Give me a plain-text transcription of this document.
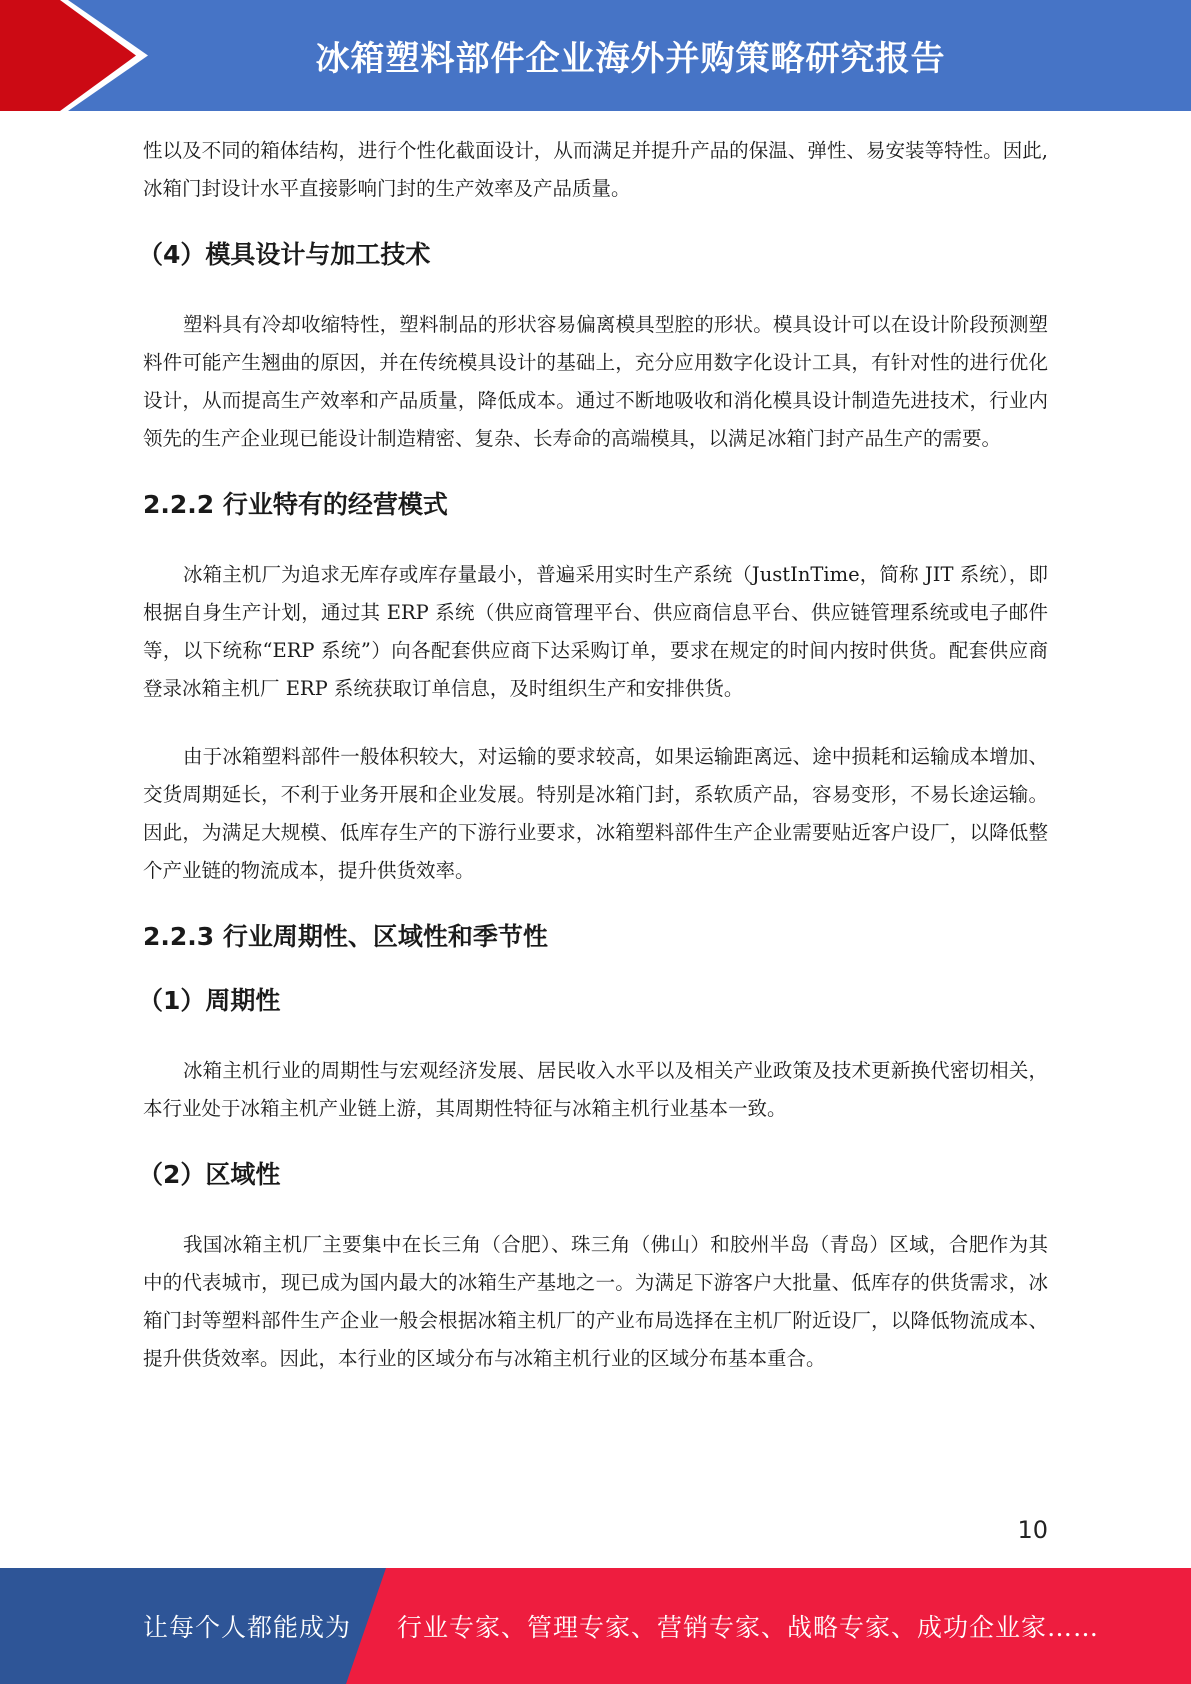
冰箱塑料部件企业海外并购策略研究报告

性以及不同的箱体结构，进行个性化截面设计，从而满足并提升产品的保温、弹性、易安装等特性。因此,冰箱门封设计水平直接影响门封的生产效率及产品质量。

（4）模具设计与加工技术

塑料具有冷却收缩特性，塑料制品的形状容易偏离模具型腔的形状。模具设计可以在设计阶段预测塑料件可能产生翘曲的原因，并在传统模具设计的基础上，充分应用数字化设计工具，有针对性的进行优化设计，从而提高生产效率和产品质量，降低成本。通过不断地吸收和消化模具设计制造先进技术，行业内领先的生产企业现已能设计制造精密、复杂、长寿命的高端模具，以满足冰箱门封产品生产的需要。

2.2.2 行业特有的经营模式

冰箱主机厂为追求无库存或库存量最小，普遍采用实时生产系统（JustInTime，简称 JIT 系统），即根据自身生产计划，通过其 ERP 系统（供应商管理平台、供应商信息平台、供应链管理系统或电子邮件等，以下统称“ERP 系统”）向各配套供应商下达采购订单，要求在规定的时间内按时供货。配套供应商登录冰箱主机厂 ERP 系统获取订单信息，及时组织生产和安排供货。

由于冰箱塑料部件一般体积较大，对运输的要求较高，如果运输距离远、途中损耗和运输成本增加、交货周期延长，不利于业务开展和企业发展。特别是冰箱门封，系软质产品，容易变形，不易长途运输。因此，为满足大规模、低库存生产的下游行业要求，冰箱塑料部件生产企业需要贴近客户设厂，以降低整个产业链的物流成本，提升供货效率。

2.2.3 行业周期性、区域性和季节性
（1）周期性

冰箱主机行业的周期性与宏观经济发展、居民收入水平以及相关产业政策及技术更新换代密切相关，本行业处于冰箱主机产业链上游，其周期性特征与冰箱主机行业基本一致。

（2）区域性

我国冰箱主机厂主要集中在长三角（合肥）、珠三角（佛山）和胶州半岛（青岛）区域，合肥作为其中的代表城市，现已成为国内最大的冰箱生产基地之一。为满足下游客户大批量、低库存的供货需求，冰箱门封等塑料部件生产企业一般会根据冰箱主机厂的产业布局选择在主机厂附近设厂，以降低物流成本、提升供货效率。因此，本行业的区域分布与冰箱主机行业的区域分布基本重合。

10
让每个人都能成为 行业专家、管理专家、营销专家、战略专家、成功企业家……
